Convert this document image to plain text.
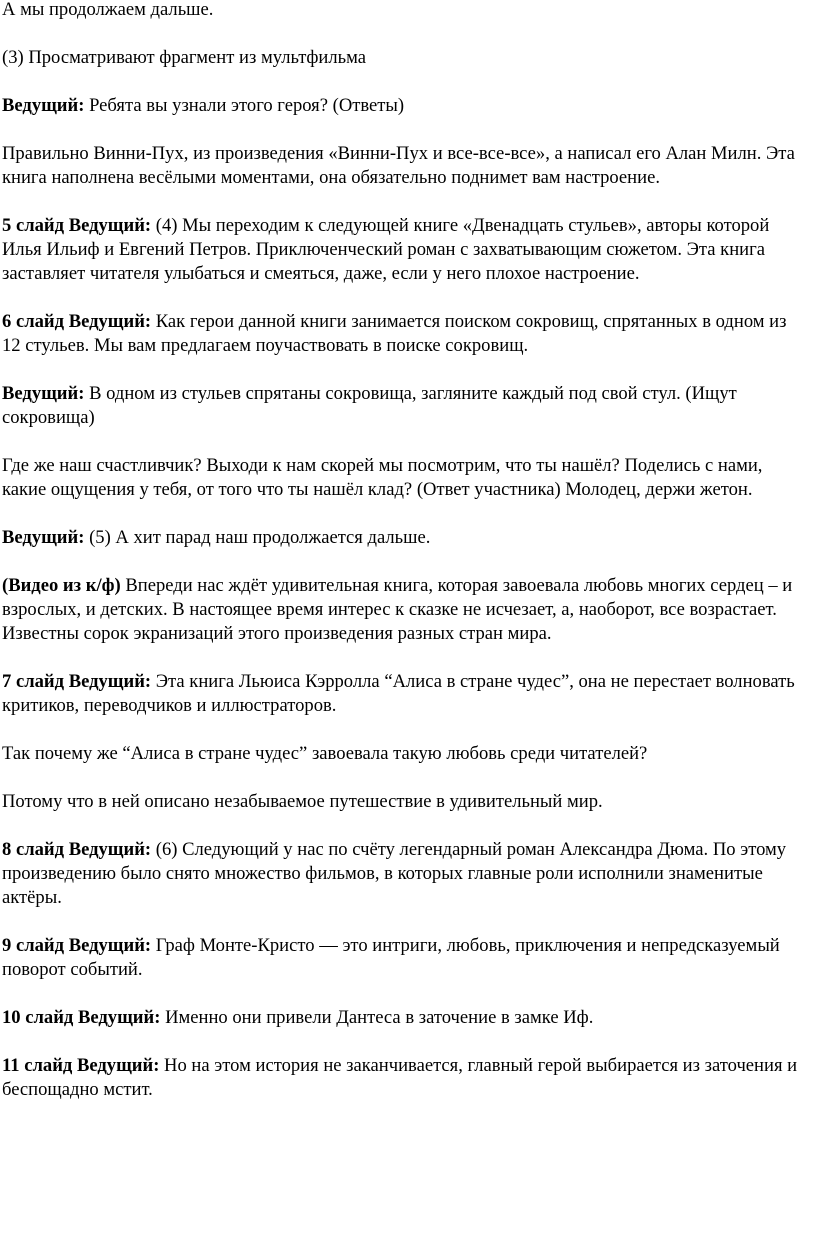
А мы продолжаем дальше.

(3) Просматривают фрагмент из мультфильма

Ведущий: Ребята вы узнали этого героя? (Ответы)

Правильно Винни-Пух, из произведения «Винни-Пух и все-все-все», а написал его Алан Милн. Эта книга наполнена весёлыми моментами, она обязательно поднимет вам настроение.

5 слайд Ведущий: (4) Мы переходим к следующей книге «Двенадцать стульев», авторы которой Илья Ильиф и Евгений Петров. Приключенческий роман с захватывающим сюжетом. Эта книга заставляет читателя улыбаться и смеяться, даже, если у него плохое настроение.

6 слайд Ведущий: Как герои данной книги занимается поиском сокровищ, спрятанных в одном из 12 стульев. Мы вам предлагаем поучаствовать в поиске сокровищ.

Ведущий: В одном из стульев спрятаны сокровища, загляните каждый под свой стул. (Ищут сокровища)

Где же наш счастливчик? Выходи к нам скорей мы посмотрим, что ты нашёл? Поделись с нами, какие ощущения у тебя, от того что ты нашёл клад? (Ответ участника) Молодец, держи жетон.

Ведущий: (5) А хит парад наш продолжается дальше.

(Видео из к/ф) Впереди нас ждёт удивительная книга, которая завоевала любовь многих сердец – и взрослых, и детских. В настоящее время интерес к сказке не исчезает, а, наоборот, все возрастает. Известны сорок экранизаций этого произведения разных стран мира.

7 слайд Ведущий: Эта книга Льюиса Кэрролла “Алиса в стране чудес”, она не перестает волновать критиков, переводчиков и иллюстраторов.

Так почему же “Алиса в стране чудес” завоевала такую любовь среди читателей?

Потому что в ней описано незабываемое путешествие в удивительный мир.

8 слайд Ведущий: (6) Следующий у нас по счёту легендарный роман Александра Дюма. По этому произведению было снято множество фильмов, в которых главные роли исполнили знаменитые актёры.

9 слайд Ведущий: Граф Монте-Кристо — это интриги, любовь, приключения и непредсказуемый поворот событий.

10 слайд Ведущий: Именно они привели Дантеса в заточение в замке Иф.

11 слайд Ведущий: Но на этом история не заканчивается, главный герой выбирается из заточения и беспощадно мстит.
